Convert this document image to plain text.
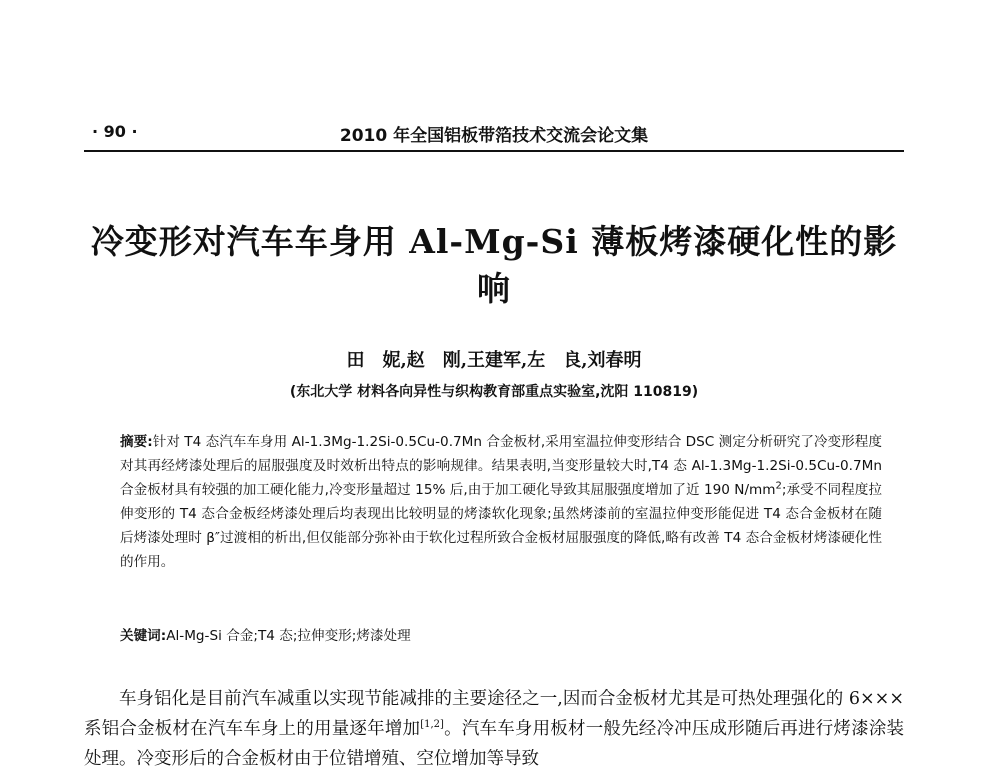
· 90 ·	2010 年全国铝板带箔技术交流会论文集
冷变形对汽车车身用 Al-Mg-Si 薄板烤漆硬化性的影响
田　妮,赵　刚,王建军,左　良,刘春明
(东北大学 材料各向异性与织构教育部重点实验室,沈阳 110819)
摘要:针对 T4 态汽车车身用 Al-1.3Mg-1.2Si-0.5Cu-0.7Mn 合金板材,采用室温拉伸变形结合 DSC 测定分析研究了冷变形程度对其再经烤漆处理后的屈服强度及时效析出特点的影响规律。结果表明,当变形量较大时,T4 态 Al-1.3Mg-1.2Si-0.5Cu-0.7Mn 合金板材具有较强的加工硬化能力,冷变形量超过 15% 后,由于加工硬化导致其屈服强度增加了近 190 $N/mm^2$;承受不同程度拉伸变形的 T4 态合金板经烤漆处理后均表现出比较明显的烤漆软化现象;虽然烤漆前的室温拉伸变形能促进 T4 态合金板材在随后烤漆处理时 β″过渡相的析出,但仅能部分弥补由于软化过程所致合金板材屈服强度的降低,略有改善 T4 态合金板材烤漆硬化性的作用。
关键词:Al-Mg-Si 合金;T4 态;拉伸变形;烤漆处理
车身铝化是目前汽车减重以实现节能减排的主要途径之一,因而合金板材尤其是可热处理强化的 6××× 系铝合金板材在汽车车身上的用量逐年增加[1,2]。汽车车身用板材一般先经冷冲压成形随后再进行烤漆涂装处理。冷变形后的合金板材由于位错增殖、空位增加等导致
